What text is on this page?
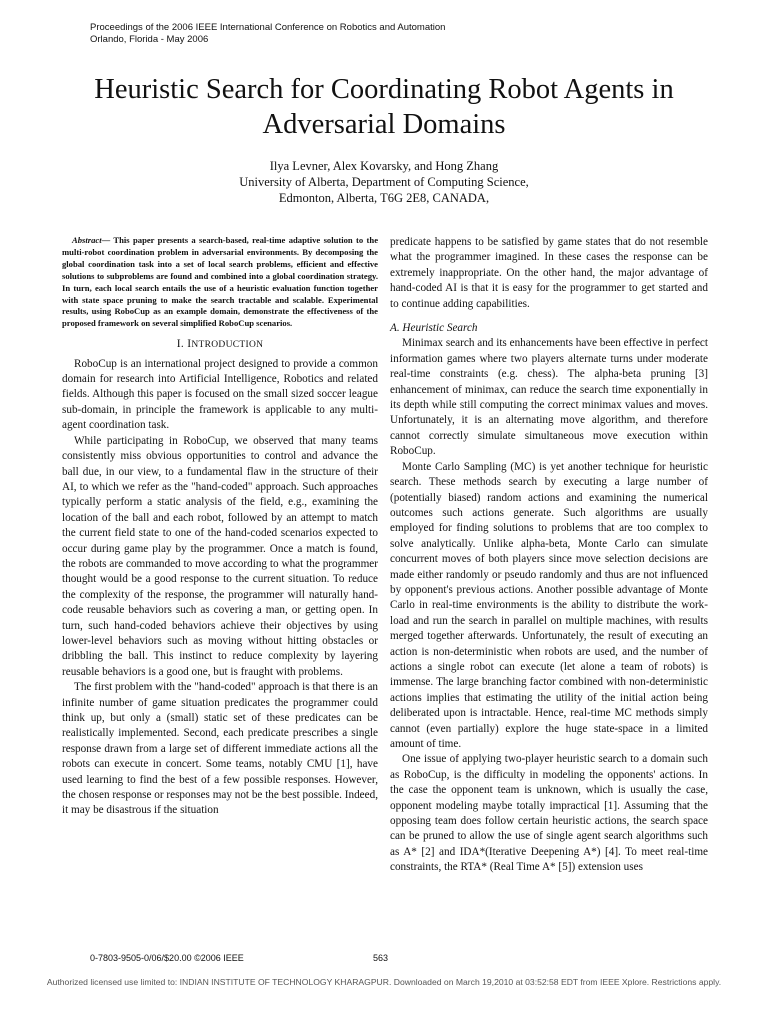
Proceedings of the 2006 IEEE International Conference on Robotics and Automation
Orlando, Florida - May 2006
Heuristic Search for Coordinating Robot Agents in Adversarial Domains
Ilya Levner, Alex Kovarsky, and Hong Zhang
University of Alberta, Department of Computing Science,
Edmonton, Alberta, T6G 2E8, CANADA,
Abstract— This paper presents a search-based, real-time adaptive solution to the multi-robot coordination problem in adversarial environments. By decomposing the global coordination task into a set of local search problems, efficient and effective solutions to subproblems are found and combined into a global coordination strategy. In turn, each local search entails the use of a heuristic evaluation function together with state space pruning to make the search tractable and scalable. Experimental results, using RoboCup as an example domain, demonstrate the effectiveness of the proposed framework on several simplified RoboCup scenarios.
I. INTRODUCTION

RoboCup is an international project designed to provide a common domain for research into Artificial Intelligence, Robotics and related fields. Although this paper is focused on the small sized soccer league sub-domain, in principle the framework is applicable to any multi-agent coordination task.

While participating in RoboCup, we observed that many teams consistently miss obvious opportunities to control and advance the ball due, in our view, to a fundamental flaw in the structure of their AI, to which we refer as the "hand-coded" approach. Such approaches typically perform a static analysis of the field, e.g., examining the location of the ball and each robot, followed by an attempt to match the current field state to one of the hand-coded scenarios expected to occur during game play by the programmer. Once a match is found, the robots are commanded to move according to what the programmer thought would be a good response to the current situation. To reduce the complexity of the response, the programmer will naturally hand-code reusable behaviors such as covering a man, or getting open. In turn, such hand-coded behaviors achieve their objectives by using lower-level behaviors such as moving without hitting obstacles or dribbling the ball. This instinct to reduce complexity by layering reusable behaviors is a good one, but is fraught with problems.

The first problem with the "hand-coded" approach is that there is an infinite number of game situation predicates the programmer could think up, but only a (small) static set of these predicates can be realistically implemented. Second, each predicate prescribes a single response drawn from a large set of different immediate actions all the robots can execute in concert. Some teams, notably CMU [1], have used learning to find the best of a few possible responses. However, the chosen response or responses may not be the best possible. Indeed, it may be disastrous if the situation

predicate happens to be satisfied by game states that do not resemble what the programmer imagined. In these cases the response can be extremely inappropriate. On the other hand, the major advantage of hand-coded AI is that it is easy for the programmer to get started and to continue adding capabilities.

A. Heuristic Search

Minimax search and its enhancements have been effective in perfect information games where two players alternate turns under moderate real-time constraints (e.g. chess). The alpha-beta pruning [3] enhancement of minimax, can reduce the search time exponentially in its depth while still computing the correct minimax values and moves. Unfortunately, it is an alternating move algorithm, and therefore cannot correctly simulate simultaneous move execution within RoboCup.

Monte Carlo Sampling (MC) is yet another technique for heuristic search. These methods search by executing a large number of (potentially biased) random actions and examining the numerical outcomes such actions generate. Such algorithms are usually employed for finding solutions to problems that are too complex to solve analytically. Unlike alpha-beta, Monte Carlo can simulate concurrent moves of both players since move selection decisions are made either randomly or pseudo randomly and thus are not influenced by opponent's previous actions. Another possible advantage of Monte Carlo in real-time environments is the ability to distribute the work-load and run the search in parallel on multiple machines, with results merged together afterwards. Unfortunately, the result of executing an action is non-deterministic when robots are used, and the number of actions a single robot can execute (let alone a team of robots) is immense. The large branching factor combined with non-deterministic actions implies that estimating the utility of the initial action being deliberated upon is intractable. Hence, real-time MC methods simply cannot (even partially) explore the huge state-space in a limited amount of time.

One issue of applying two-player heuristic search to a domain such as RoboCup, is the difficulty in modeling the opponents' actions. In the case the opponent team is unknown, which is usually the case, opponent modeling maybe totally impractical [1]. Assuming that the opposing team does follow certain heuristic actions, the search space can be pruned to allow the use of single agent search algorithms such as A* [2] and IDA*(Iterative Deepening A*) [4]. To meet real-time constraints, the RTA* (Real Time A* [5]) extension uses

0-7803-9505-0/06/$20.00 ©2006 IEEE	563
Authorized licensed use limited to: INDIAN INSTITUTE OF TECHNOLOGY KHARAGPUR. Downloaded on March 19,2010 at 03:52:58 EDT from IEEE Xplore. Restrictions apply.
